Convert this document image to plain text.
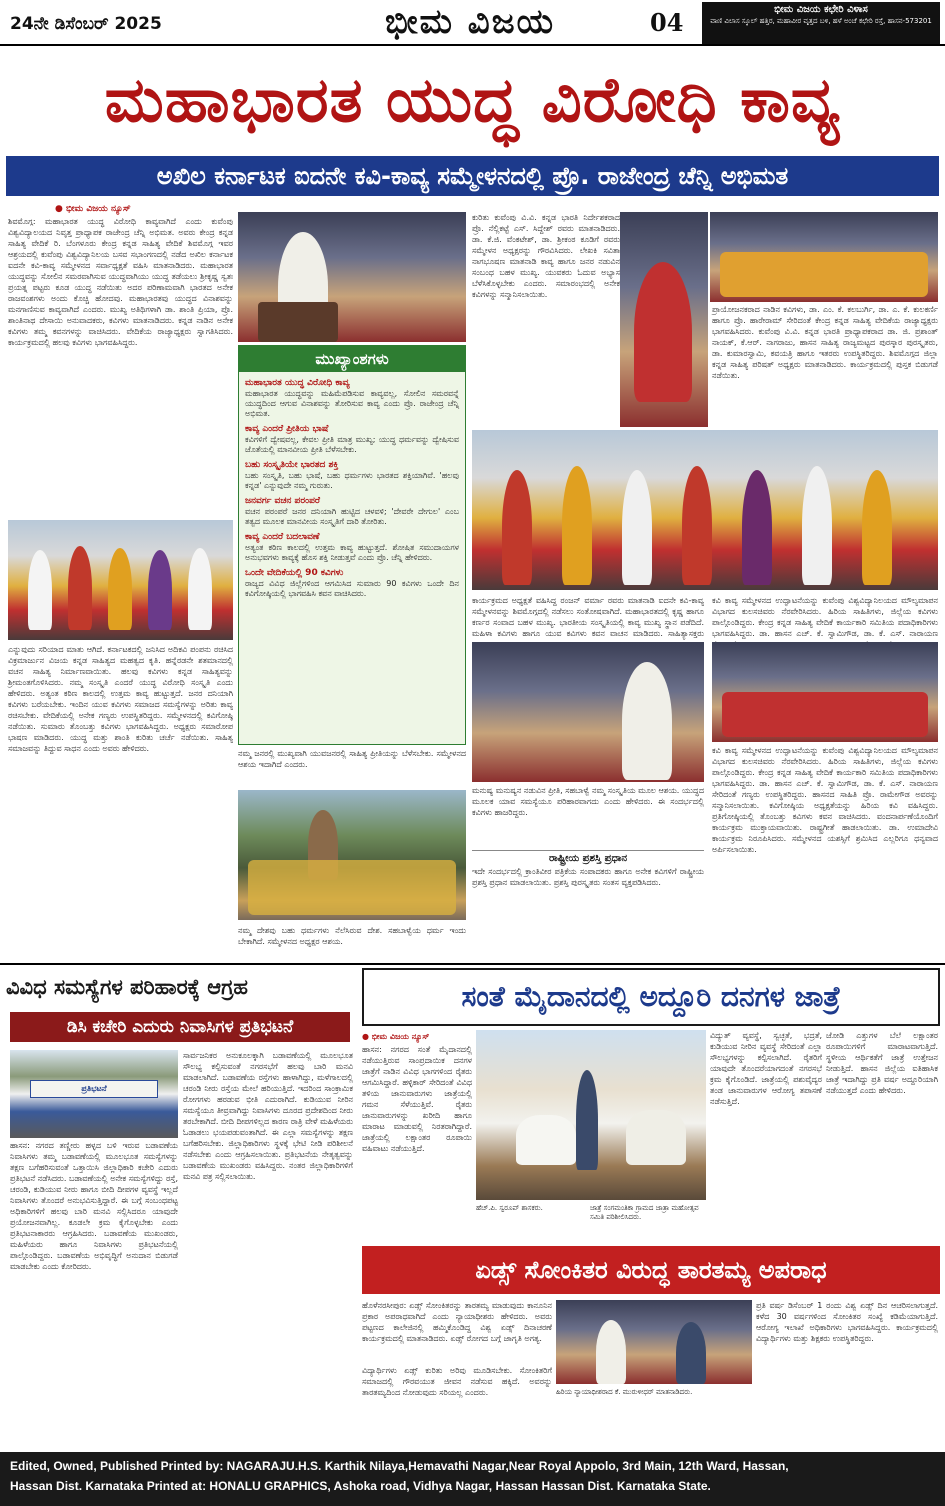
24ನೇ ಡಿಸೆಂಬರ್ 2025	ಭೀಮ ವಿಜಯ	04	ಭೀಮ ವಿಜಯ ಕಛೇರಿ ವಿಳಾಸ
ವಾಣಿ ವಿಲಾಸ ಸ್ಕೂಲ್ ಹತ್ತಿರ, ಮಹಾವೀರ ವೃತ್ತದ ಬಳಿ, ಹಳೆ ಅಂಚೆ ಕಛೇರಿ ರಸ್ತೆ, ಹಾಸನ-573201
ಮಹಾಭಾರತ ಯುದ್ಧ ವಿರೋಧಿ ಕಾವ್ಯ
ಅಖಿಲ ಕರ್ನಾಟಕ ಐದನೇ ಕವಿ-ಕಾವ್ಯ ಸಮ್ಮೇಳನದಲ್ಲಿ ಪ್ರೊ. ರಾಜೇಂದ್ರ ಚೆನ್ನಿ ಅಭಿಮತ
● ಭೀಮ ವಿಜಯ ನ್ಯೂಸ್
ಶಿವಮೊಗ್ಗ: ಮಹಾಭಾರತ ಯುದ್ಧ ವಿರೋಧಿ ಕಾವ್ಯವಾಗಿದೆ ಎಂದು ಕುವೆಂಪು ವಿಶ್ವವಿದ್ಯಾಲಯದ ನಿವೃತ್ತ ಪ್ರಾಧ್ಯಾಪಕ ರಾಜೇಂದ್ರ ಚೆನ್ನಿ ಅಭಿಮತ. ಅವರು ಕೇಂದ್ರ ಕನ್ನಡ ಸಾಹಿತ್ಯ ವೇದಿಕೆ ರಿ. ಬೆಂಗಳೂರು ಕೇಂದ್ರ ಕನ್ನಡ ಸಾಹಿತ್ಯ ವೇದಿಕೆ ಶಿವಮೊಗ್ಗ ಇವರ ಆಶ್ರಯದಲ್ಲಿ ಕುವೆಂಪು ವಿಶ್ವವಿದ್ಯಾನಿಲಯ ಬಸವ ಸಭಾಂಗಣದಲ್ಲಿ ನಡೆದ ಅಖಿಲ ಕರ್ನಾಟಕ ಐದನೇ ಕವಿ-ಕಾವ್ಯ ಸಮ್ಮೇಳನದ ಸರ್ವಾಧ್ಯಕ್ಷತೆ ವಹಿಸಿ ಮಾತನಾಡಿದರು. ಮಹಾಭಾರತ ಯುದ್ಧವನ್ನು ಸೋಲಿನ ಸಮರವಾಗಿಸುವ ಯುದ್ಧವಾಗಿಯು ಯುದ್ಧ ತಡೆಯಲು ಶ್ರೀಕೃಷ್ಣ ಸ್ವತಃ ಪ್ರಯತ್ನ ಪಟ್ಟರು ಕೂಡ ಯುದ್ಧ ನಡೆಯಿತು ಅದರ ಪರಿಣಾಮವಾಗಿ ಭಾರತದ ಅನೇಕ ರಾಜವಂಶಗಳು ಅಂದು ಕೊಚ್ಚಿ ಹೋದವು. ಮಹಾಭಾರತವು ಯುದ್ಧದ ವಿನಾಶವನ್ನು ಮನಗಾಣಿಸುವ ಕಾವ್ಯವಾಗಿದೆ ಎಂದರು. ಮುಖ್ಯ ಅತಿಥಿಗಳಾಗಿ ಡಾ. ಶಾಂತಿ ಪ್ರಿಯಾ, ಪ್ರೊ. ಶಾಂತಿನಾಥ ದೇಸಾಯಿ ಅನುವಾದಕರು, ಕವಿಗಳು ಮಾತನಾಡಿದರು. ಕನ್ನಡ ನಾಡಿನ ಅನೇಕ ಕವಿಗಳು ತಮ್ಮ ಕವನಗಳನ್ನು ವಾಚಿಸಿದರು. ವೇದಿಕೆಯ ರಾಜ್ಯಾಧ್ಯಕ್ಷರು ಸ್ವಾಗತಿಸಿದರು. ಕಾರ್ಯಕ್ರಮದಲ್ಲಿ ಹಲವು ಕವಿಗಳು ಭಾಗವಹಿಸಿದ್ದರು.
ಎನ್ನುವುದು ಸರಿಯಾದ ಮಾತು ಆಗಿದೆ. ಕರ್ನಾಟಕದಲ್ಲಿ ಜನಿಸಿದ ಅದಿಕವಿ ಪಂಪನು ರಚಿಸಿದ ವಿಕ್ರಮಾರ್ಜುನ ವಿಜಯ ಕನ್ನಡ ಸಾಹಿತ್ಯದ ಮಹತ್ವದ ಕೃತಿ. ಹನ್ನೆರಡನೇ ಶತಮಾನದಲ್ಲಿ ವಚನ ಸಾಹಿತ್ಯ ನಿರ್ಮಾಣವಾಯಿತು. ಹಲವು ಕವಿಗಳು ಕನ್ನಡ ಸಾಹಿತ್ಯವನ್ನು ಶ್ರೀಮಂತಗೊಳಿಸಿದರು. ನಮ್ಮ ಸಂಸ್ಕೃತಿ ಎಂದರೆ ಯುದ್ಧ ವಿರೋಧಿ ಸಂಸ್ಕೃತಿ ಎಂದು ಹೇಳಿದರು. ಅತ್ಯಂತ ಕಠಿಣ ಕಾಲದಲ್ಲಿ ಉತ್ತಮ ಕಾವ್ಯ ಹುಟ್ಟುತ್ತದೆ. ಜನರ ದನಿಯಾಗಿ ಕವಿಗಳು ಬರೆಯಬೇಕು. ಇಂದಿನ ಯುವ ಕವಿಗಳು ಸಮಾಜದ ಸಮಸ್ಯೆಗಳನ್ನು ಅರಿತು ಕಾವ್ಯ ರಚಿಸಬೇಕು. ವೇದಿಕೆಯಲ್ಲಿ ಅನೇಕ ಗಣ್ಯರು ಉಪಸ್ಥಿತರಿದ್ದರು. ಸಮ್ಮೇಳನದಲ್ಲಿ ಕವಿಗೋಷ್ಠಿ ನಡೆಯಿತು. ಸುಮಾರು ತೊಂಬತ್ತು ಕವಿಗಳು ಭಾಗವಹಿಸಿದ್ದರು. ಅಧ್ಯಕ್ಷರು ಸಮಾರೋಪ ಭಾಷಣ ಮಾಡಿದರು. ಯುದ್ಧ ಮತ್ತು ಶಾಂತಿ ಕುರಿತು ಚರ್ಚೆ ನಡೆಯಿತು. ಸಾಹಿತ್ಯ ಸಮಾಜವನ್ನು ತಿದ್ದುವ ಸಾಧನ ಎಂದು ಅವರು ಹೇಳಿದರು.
ಮುಖ್ಯಾಂಶಗಳು
ಮಹಾಭಾರತ ಯುದ್ಧ ವಿರೋಧಿ ಕಾವ್ಯ
ಮಹಾಭಾರತ ಯುದ್ಧವನ್ನು ಮಹಿಮೆಪಡಿಸುವ ಕಾವ್ಯವಲ್ಲ, ಸೋಲಿನ ಸಮರವನ್ನೆ ಯುದ್ಧದಿಂದ ಆಗುವ ವಿನಾಶವನ್ನು ತೋರಿಸುವ ಕಾವ್ಯ ಎಂದು ಪ್ರೊ. ರಾಜೇಂದ್ರ ಚೆನ್ನಿ ಅಭಿಮತ.
ಕಾವ್ಯ ಎಂದರೆ ಪ್ರೀತಿಯ ಭಾಷೆ
ಕವಿಗಳಿಗೆ ದ್ವೇಷವಲ್ಲ, ಕೇವಲ ಪ್ರೀತಿ ಮಾತ್ರ ಮುಖ್ಯ; ಯುದ್ಧ ಧರ್ಮವನ್ನು ದ್ವೇಷಿಸುವ ಜೊತೆಯಲ್ಲಿ ಮಾನವೀಯ ಪ್ರೀತಿ ಬೆಳೆಸಬೇಕು.
ಬಹು ಸಂಸ್ಕೃತಿಯೇ ಭಾರತದ ಶಕ್ತಿ
ಬಹು ಸಂಸ್ಕೃತಿ, ಬಹು ಭಾಷೆ, ಬಹು ಧರ್ಮಗಳು ಭಾರತದ ಶಕ್ತಿಯಾಗಿವೆ. 'ಹಲವು ಕನ್ನಡ' ಎನ್ನುವುದೇ ನಮ್ಮ ಗುರುತು.
ಜನವರ್ಗ ವಚನ ಪರಂಪರೆ
ವಚನ ಪರಂಪರೆ ಜನರ ದನಿಯಾಗಿ ಹುಟ್ಟಿದ ಚಳವಳಿ; 'ದೇವರೇ ದೇಗುಲ' ಎಂಬ ತತ್ವದ ಮೂಲಕ ಮಾನವೀಯ ಸಂಸ್ಕೃತಿಗೆ ದಾರಿ ತೋರಿತು.
ಕಾವ್ಯ ಎಂದರೆ ಬದಲಾವಣೆ
ಅತ್ಯಂತ ಕಠಿಣ ಕಾಲದಲ್ಲಿ ಉತ್ತಮ ಕಾವ್ಯ ಹುಟ್ಟುತ್ತದೆ. ಶೋಷಿತ ಸಮುದಾಯಗಳ ಅನುಭವಗಳು ಕಾವ್ಯಕ್ಕೆ ಹೊಸ ಶಕ್ತಿ ನೀಡುತ್ತವೆ ಎಂದು ಪ್ರೊ. ಚೆನ್ನಿ ಹೇಳಿದರು.
ಒಂದೇ ವೇದಿಕೆಯಲ್ಲಿ 90 ಕವಿಗಳು
ರಾಜ್ಯದ ವಿವಿಧ ಜಿಲ್ಲೆಗಳಿಂದ ಆಗಮಿಸಿದ ಸುಮಾರು 90 ಕವಿಗಳು ಒಂದೇ ದಿನ ಕವಿಗೋಷ್ಠಿಯಲ್ಲಿ ಭಾಗವಹಿಸಿ ಕವನ ವಾಚಿಸಿದರು.
ನಮ್ಮ ಜನರಲ್ಲಿ ಮುಖ್ಯವಾಗಿ ಯುವಜನರಲ್ಲಿ ಸಾಹಿತ್ಯ ಪ್ರೀತಿಯನ್ನು ಬೆಳೆಸಬೇಕು. ಸಮ್ಮೇಳನದ ಆಶಯ ಇದಾಗಿದೆ ಎಂದರು.
ನಮ್ಮ ದೇಶವು ಬಹು ಧರ್ಮಗಳು ನೆಲೆಸಿರುವ ದೇಶ. ಸಹಬಾಳ್ವೆಯ ಧರ್ಮ ಇಂದು ಬೇಕಾಗಿದೆ. ಸಮ್ಮೇಳನದ ಅಧ್ಯಕ್ಷರ ಆಶಯ.
ಕುರಿತು ಕುವೆಂಪು ವಿ.ವಿ. ಕನ್ನಡ ಭಾರತಿ ನಿರ್ದೇಶಕರಾದ ಪ್ರೊ. ನೆಲ್ಲಿಕಟ್ಟೆ ಎಸ್. ಸಿದ್ದೇಶ್ ರವರು ಮಾತನಾಡಿದರು. ಡಾ. ಕೆ.ಜಿ. ವೆಂಕಟೇಶ್, ಡಾ. ಶ್ರೀಕಂಠ ಕೂಡಿಗೆ ರವರು ಸಮ್ಮೇಳನ ಅಧ್ಯಕ್ಷರನ್ನು ಗೌರವಿಸಿದರು. ಲೇಖಕಿ ಸವಿತಾ ನಾಗಭೂಷಣ ಮಾತನಾಡಿ ಕಾವ್ಯ ಹಾಗೂ ಜನರ ನಡುವಿನ ಸಂಬಂಧ ಬಹಳ ಮುಖ್ಯ. ಯುವಕರು ಓದುವ ಅಭ್ಯಾಸ ಬೆಳೆಸಿಕೊಳ್ಳಬೇಕು ಎಂದರು. ಸಮಾರಂಭದಲ್ಲಿ ಅನೇಕ ಕವಿಗಳನ್ನು ಸನ್ಮಾನಿಸಲಾಯಿತು.
ಪ್ರಾಯೋಜನಕರಾದ ನಾಡಿನ ಕವಿಗಳು, ಡಾ. ಎಂ. ಕೆ. ಕಲಬುರ್ಗಿ, ಡಾ. ಎ. ಕೆ. ಕುಲಕರ್ಣಿ ಹಾಗೂ ಪ್ರೊ. ಹಾರೇರಾಮ್ ಸೇರಿದಂತೆ ಕೇಂದ್ರ ಕನ್ನಡ ಸಾಹಿತ್ಯ ವೇದಿಕೆಯ ರಾಜ್ಯಾಧ್ಯಕ್ಷರು ಭಾಗವಹಿಸಿದರು. ಕುವೆಂಪು ವಿ.ವಿ. ಕನ್ನಡ ಭಾರತಿ ಪ್ರಾಧ್ಯಾಪಕರಾದ ಡಾ. ಜಿ. ಪ್ರಶಾಂತ್ ನಾಯಕ್, ಕೆ.ಆರ್. ನಾಗರಾಜು, ಹಾಸನ ಸಾಹಿತ್ಯ ರಾಜ್ಯಮಟ್ಟದ ಪುರಸ್ಕಾರ ಪುರಸ್ಕೃತರು, ಡಾ. ಕುಮಾರಸ್ವಾಮಿ, ಕವಯತ್ರಿ ಹಾಗೂ ಇತರರು ಉಪಸ್ಥಿತರಿದ್ದರು. ಶಿವಮೊಗ್ಗದ ಜಿಲ್ಲಾ ಕನ್ನಡ ಸಾಹಿತ್ಯ ಪರಿಷತ್ ಅಧ್ಯಕ್ಷರು ಮಾತನಾಡಿದರು. ಕಾರ್ಯಕ್ರಮದಲ್ಲಿ ಪುಸ್ತಕ ಬಿಡುಗಡೆ ನಡೆಯಿತು.
ಕಾರ್ಯಕ್ರಮದ ಅಧ್ಯಕ್ಷತೆ ವಹಿಸಿದ್ದ ರಂಜನ್ ವರ್ಮಾ ರವರು ಮಾತನಾಡಿ ಐದನೇ ಕವಿ-ಕಾವ್ಯ ಸಮ್ಮೇಳನವನ್ನು ಶಿವಮೊಗ್ಗದಲ್ಲಿ ನಡೆಸಲು ಸಂತೋಷವಾಗಿದೆ. ಮಹಾಭಾರತದಲ್ಲಿ ಕೃಷ್ಣ ಹಾಗೂ ಕರ್ಣರ ಸಂವಾದ ಬಹಳ ಮುಖ್ಯ. ಭಾರತೀಯ ಸಂಸ್ಕೃತಿಯಲ್ಲಿ ಕಾವ್ಯ ಮುಖ್ಯ ಸ್ಥಾನ ಪಡೆದಿದೆ. ಮಹಿಳಾ ಕವಿಗಳು ಹಾಗೂ ಯುವ ಕವಿಗಳು ಕವನ ವಾಚನ ಮಾಡಿದರು. ಸಾಹಿತ್ಯಾಸಕ್ತರು
ಮನುಷ್ಯ ಮನುಷ್ಯನ ನಡುವಿನ ಪ್ರೀತಿ, ಸಹಬಾಳ್ವೆ ನಮ್ಮ ಸಂಸ್ಕೃತಿಯ ಮೂಲ ಆಶಯ. ಯುದ್ಧದ ಮೂಲಕ ಯಾವ ಸಮಸ್ಯೆಯೂ ಪರಿಹಾರವಾಗದು ಎಂದು ಹೇಳಿದರು. ಈ ಸಂದರ್ಭದಲ್ಲಿ ಕವಿಗಳು ಹಾಜರಿದ್ದರು.
ರಾಷ್ಟ್ರೀಯ ಪ್ರಶಸ್ತಿ ಪ್ರಧಾನ
ಇದೇ ಸಂದರ್ಭದಲ್ಲಿ ಕ್ರಾಂತಿವೀರ ಪತ್ರಿಕೆಯ ಸಂಪಾದಕರು ಹಾಗೂ ಅನೇಕ ಕವಿಗಳಿಗೆ ರಾಷ್ಟ್ರೀಯ ಪ್ರಶಸ್ತಿ ಪ್ರಧಾನ ಮಾಡಲಾಯಿತು. ಪ್ರಶಸ್ತಿ ಪುರಸ್ಕೃತರು ಸಂತಸ ವ್ಯಕ್ತಪಡಿಸಿದರು.
ಕವಿ ಕಾವ್ಯ ಸಮ್ಮೇಳನದ ಉದ್ಘಾಟನೆಯನ್ನು ಕುವೆಂಪು ವಿಶ್ವವಿದ್ಯಾನಿಲಯದ ಮೌಲ್ಯಮಾಪನ ವಿಭಾಗದ ಕುಲಸಚಿವರು ನೆರವೇರಿಸಿದರು. ಹಿರಿಯ ಸಾಹಿತಿಗಳು, ಜಿಲ್ಲೆಯ ಕವಿಗಳು ಪಾಲ್ಗೊಂಡಿದ್ದರು. ಕೇಂದ್ರ ಕನ್ನಡ ಸಾಹಿತ್ಯ ವೇದಿಕೆ ಕಾರ್ಯಕಾರಿ ಸಮಿತಿಯ ಪದಾಧಿಕಾರಿಗಳು ಭಾಗವಹಿಸಿದ್ದರು. ಡಾ. ಹಾಸನ ಎಚ್. ಕೆ. ಸ್ವಾಮಿಗೌಡ, ಡಾ. ಕೆ. ಎಸ್. ನಾರಾಯಣ
ಕವಿ ಕಾವ್ಯ ಸಮ್ಮೇಳನದ ಉದ್ಘಾಟನೆಯನ್ನು ಕುವೆಂಪು ವಿಶ್ವವಿದ್ಯಾನಿಲಯದ ಮೌಲ್ಯಮಾಪನ ವಿಭಾಗದ ಕುಲಸಚಿವರು ನೆರವೇರಿಸಿದರು. ಹಿರಿಯ ಸಾಹಿತಿಗಳು, ಜಿಲ್ಲೆಯ ಕವಿಗಳು ಪಾಲ್ಗೊಂಡಿದ್ದರು. ಕೇಂದ್ರ ಕನ್ನಡ ಸಾಹಿತ್ಯ ವೇದಿಕೆ ಕಾರ್ಯಕಾರಿ ಸಮಿತಿಯ ಪದಾಧಿಕಾರಿಗಳು ಭಾಗವಹಿಸಿದ್ದರು. ಡಾ. ಹಾಸನ ಎಚ್. ಕೆ. ಸ್ವಾಮಿಗೌಡ, ಡಾ. ಕೆ. ಎಸ್. ನಾರಾಯಣ ಸೇರಿದಂತೆ ಗಣ್ಯರು ಉಪಸ್ಥಿತರಿದ್ದರು. ಹಾಸನದ ಸಾಹಿತಿ ಪ್ರೊ. ರಾಮೇಗೌಡ ಅವರನ್ನು ಸನ್ಮಾನಿಸಲಾಯಿತು. ಕವಿಗೋಷ್ಠಿಯ ಅಧ್ಯಕ್ಷತೆಯನ್ನು ಹಿರಿಯ ಕವಿ ವಹಿಸಿದ್ದರು. ಪ್ರತಿಗೋಷ್ಠಿಯಲ್ಲಿ ತೊಂಬತ್ತು ಕವಿಗಳು ಕವನ ವಾಚಿಸಿದರು. ವಂದನಾರ್ಪಣೆಯೊಂದಿಗೆ ಕಾರ್ಯಕ್ರಮ ಮುಕ್ತಾಯವಾಯಿತು. ರಾಷ್ಟ್ರಗೀತೆ ಹಾಡಲಾಯಿತು. ಡಾ. ಉಮಾದೇವಿ ಕಾರ್ಯಕ್ರಮ ನಿರೂಪಿಸಿದರು. ಸಮ್ಮೇಳನದ ಯಶಸ್ಸಿಗೆ ಶ್ರಮಿಸಿದ ಎಲ್ಲರಿಗೂ ಧನ್ಯವಾದ ಅರ್ಪಿಸಲಾಯಿತು.
ವಿವಿಧ ಸಮಸ್ಯೆಗಳ ಪರಿಹಾರಕ್ಕೆ ಆಗ್ರಹ
ಡಿಸಿ ಕಚೇರಿ ಎದುರು ನಿವಾಸಿಗಳ ಪ್ರತಿಭಟನೆ
ಪ್ರತಿಭಟನೆ
ಹಾಸನ: ನಗರದ ತಣ್ಣೀರು ಹಳ್ಳದ ಬಳಿ ಇರುವ ಬಡಾವಣೆಯ ನಿವಾಸಿಗಳು ತಮ್ಮ ಬಡಾವಣೆಯಲ್ಲಿ ಮೂಲಭೂತ ಸಮಸ್ಯೆಗಳನ್ನು ತಕ್ಷಣ ಬಗೆಹರಿಸುವಂತೆ ಒತ್ತಾಯಿಸಿ ಜಿಲ್ಲಾಧಿಕಾರಿ ಕಚೇರಿ ಎದುರು ಪ್ರತಿಭಟನೆ ನಡೆಸಿದರು. ಬಡಾವಣೆಯಲ್ಲಿ ಅನೇಕ ಸಮಸ್ಯೆಗಳಿದ್ದು ರಸ್ತೆ, ಚರಂಡಿ, ಕುಡಿಯುವ ನೀರು ಹಾಗೂ ಬೀದಿ ದೀಪಗಳ ವ್ಯವಸ್ಥೆ ಇಲ್ಲದೆ ನಿವಾಸಿಗಳು ತೊಂದರೆ ಅನುಭವಿಸುತ್ತಿದ್ದಾರೆ. ಈ ಬಗ್ಗೆ ಸಂಬಂಧಪಟ್ಟ ಅಧಿಕಾರಿಗಳಿಗೆ ಹಲವು ಬಾರಿ ಮನವಿ ಸಲ್ಲಿಸಿದರೂ ಯಾವುದೇ ಪ್ರಯೋಜನವಾಗಿಲ್ಲ. ಕೂಡಲೇ ಕ್ರಮ ಕೈಗೊಳ್ಳಬೇಕು ಎಂದು ಪ್ರತಿಭಟನಾಕಾರರು ಆಗ್ರಹಿಸಿದರು. ಬಡಾವಣೆಯ ಮುಖಂಡರು, ಮಹಿಳೆಯರು ಹಾಗೂ ನಿವಾಸಿಗಳು ಪ್ರತಿಭಟನೆಯಲ್ಲಿ ಪಾಲ್ಗೊಂಡಿದ್ದರು. ಬಡಾವಣೆಯ ಅಭಿವೃದ್ಧಿಗೆ ಅನುದಾನ ಬಿಡುಗಡೆ ಮಾಡಬೇಕು ಎಂದು ಕೋರಿದರು.
ಸಾರ್ವಜನಿಕರ ಅನುಕೂಲಕ್ಕಾಗಿ ಬಡಾವಣೆಯಲ್ಲಿ ಮೂಲಭೂತ ಸೌಲಭ್ಯ ಕಲ್ಪಿಸುವಂತೆ ನಗರಸಭೆಗೆ ಹಲವು ಬಾರಿ ಮನವಿ ಮಾಡಲಾಗಿದೆ. ಬಡಾವಣೆಯ ರಸ್ತೆಗಳು ಹಾಳಾಗಿದ್ದು, ಮಳೆಗಾಲದಲ್ಲಿ ಚರಂಡಿ ನೀರು ರಸ್ತೆಯ ಮೇಲೆ ಹರಿಯುತ್ತಿದೆ. ಇದರಿಂದ ಸಾಂಕ್ರಾಮಿಕ ರೋಗಗಳು ಹರಡುವ ಭೀತಿ ಎದುರಾಗಿದೆ. ಕುಡಿಯುವ ನೀರಿನ ಸಮಸ್ಯೆಯೂ ತೀವ್ರವಾಗಿದ್ದು ನಿವಾಸಿಗಳು ದೂರದ ಪ್ರದೇಶದಿಂದ ನೀರು ತರಬೇಕಾಗಿದೆ. ಬೀದಿ ದೀಪಗಳಿಲ್ಲದ ಕಾರಣ ರಾತ್ರಿ ವೇಳೆ ಮಹಿಳೆಯರು ಓಡಾಡಲು ಭಯಪಡುವಂತಾಗಿದೆ. ಈ ಎಲ್ಲಾ ಸಮಸ್ಯೆಗಳನ್ನು ತಕ್ಷಣ ಬಗೆಹರಿಸಬೇಕು. ಜಿಲ್ಲಾಧಿಕಾರಿಗಳು ಸ್ಥಳಕ್ಕೆ ಭೇಟಿ ನೀಡಿ ಪರಿಶೀಲನೆ ನಡೆಸಬೇಕು ಎಂದು ಆಗ್ರಹಿಸಲಾಯಿತು. ಪ್ರತಿಭಟನೆಯ ನೇತೃತ್ವವನ್ನು ಬಡಾವಣೆಯ ಮುಖಂಡರು ವಹಿಸಿದ್ದರು. ನಂತರ ಜಿಲ್ಲಾಧಿಕಾರಿಗಳಿಗೆ ಮನವಿ ಪತ್ರ ಸಲ್ಲಿಸಲಾಯಿತು.
ಸಂತೆ ಮೈದಾನದಲ್ಲಿ ಅದ್ದೂರಿ ದನಗಳ ಜಾತ್ರೆ
● ಭೀಮ ವಿಜಯ ನ್ಯೂಸ್
ಹಾಸನ: ನಗರದ ಸಂತೆ ಮೈದಾನದಲ್ಲಿ ನಡೆಯುತ್ತಿರುವ ಸಾಂಪ್ರದಾಯಿಕ ದನಗಳ ಜಾತ್ರೆಗೆ ನಾಡಿನ ವಿವಿಧ ಭಾಗಗಳಿಂದ ರೈತರು ಆಗಮಿಸಿದ್ದಾರೆ. ಹಳ್ಳಿಕಾರ್ ಸೇರಿದಂತೆ ವಿವಿಧ ತಳಿಯ ಜಾನುವಾರುಗಳು ಜಾತ್ರೆಯಲ್ಲಿ ಗಮನ ಸೆಳೆಯುತ್ತಿವೆ. ರೈತರು ಜಾನುವಾರುಗಳನ್ನು ಖರೀದಿ ಹಾಗೂ ಮಾರಾಟ ಮಾಡುವಲ್ಲಿ ನಿರತರಾಗಿದ್ದಾರೆ. ಜಾತ್ರೆಯಲ್ಲಿ ಲಕ್ಷಾಂತರ ರೂಪಾಯಿ ವಹಿವಾಟು ನಡೆಯುತ್ತಿದೆ.
ಹೆಚ್.ಪಿ. ಸ್ವರೂಪ್ ಶಾಸಕರು.	ಜಾತ್ರೆ ಸಂಗಮಂತಿಕಾ ಗ್ರಾಮದ ಜಾತ್ರಾ ಮಹೋತ್ಸವ ಸಮಿತಿ ಪರಿಶೀಲಿಸಿದರು.
ವಿದ್ಯುತ್ ವ್ಯವಸ್ಥೆ, ಸ್ವಚ್ಛತೆ, ಭದ್ರತೆ, ಕುಡಿಯುವ ನೀರಿನ ವ್ಯವಸ್ಥೆ ಸೇರಿದಂತೆ ಎಲ್ಲಾ ಸೌಲಭ್ಯಗಳನ್ನು ಕಲ್ಪಿಸಲಾಗಿದೆ. ರೈತರಿಗೆ ಯಾವುದೇ ತೊಂದರೆಯಾಗದಂತೆ ನಗರಸಭೆ ಕ್ರಮ ಕೈಗೊಂಡಿದೆ. ಜಾತ್ರೆಯಲ್ಲಿ ಪಶುವೈದ್ಯರ ತಂಡ ಜಾನುವಾರುಗಳ ಆರೋಗ್ಯ ತಪಾಸಣೆ ನಡೆಸುತ್ತಿದೆ.
ಜೋಡಿ ಎತ್ತುಗಳ ಬೆಲೆ ಲಕ್ಷಾಂತರ ರೂಪಾಯಿಗಳಿಗೆ ಮಾರಾಟವಾಗುತ್ತಿದೆ. ಸ್ಥಳೀಯ ಆರ್ಥಿಕತೆಗೆ ಜಾತ್ರೆ ಉತ್ತೇಜನ ನೀಡುತ್ತಿದೆ. ಹಾಸನ ಜಿಲ್ಲೆಯ ಐತಿಹಾಸಿಕ ಜಾತ್ರೆ ಇದಾಗಿದ್ದು ಪ್ರತಿ ವರ್ಷ ಅದ್ದೂರಿಯಾಗಿ ನಡೆಯುತ್ತದೆ ಎಂದು ಹೇಳಿದರು.
ಏಡ್ಸ್ ಸೋಂಕಿತರ ವಿರುದ್ಧ ತಾರತಮ್ಯ ಅಪರಾಧ
ಹೊಳೆನರಸೀಪುರ: ಏಡ್ಸ್ ಸೋಂಕಿತರನ್ನು ತಾರತಮ್ಯ ಮಾಡುವುದು ಕಾನೂನಿನ ಪ್ರಕಾರ ಅಪರಾಧವಾಗಿದೆ ಎಂದು ನ್ಯಾಯಾಧೀಶರು ಹೇಳಿದರು. ಅವರು ಪಟ್ಟಣದ ಕಾಲೇಜಿನಲ್ಲಿ ಹಮ್ಮಿಕೊಂಡಿದ್ದ ವಿಶ್ವ ಏಡ್ಸ್ ದಿನಾಚರಣೆ ಕಾರ್ಯಕ್ರಮದಲ್ಲಿ ಮಾತನಾಡಿದರು. ಏಡ್ಸ್ ರೋಗದ ಬಗ್ಗೆ ಜಾಗೃತಿ ಅಗತ್ಯ.
ವಿದ್ಯಾರ್ಥಿಗಳು ಏಡ್ಸ್ ಕುರಿತು ಅರಿವು ಮೂಡಿಸಬೇಕು. ಸೋಂಕಿತರಿಗೆ ಸಮಾಜದಲ್ಲಿ ಗೌರವಯುತ ಜೀವನ ನಡೆಸುವ ಹಕ್ಕಿದೆ. ಅವರನ್ನು ತಾರತಮ್ಯದಿಂದ ನೋಡುವುದು ಸರಿಯಲ್ಲ ಎಂದರು.	ಹಿರಿಯ ನ್ಯಾಯಾಧೀಶರಾದ ಕೆ. ಮುರುಳೀಧರ್ ಮಾತನಾಡಿದರು.
ಪ್ರತಿ ವರ್ಷ ಡಿಸೆಂಬರ್ 1 ರಂದು ವಿಶ್ವ ಏಡ್ಸ್ ದಿನ ಆಚರಿಸಲಾಗುತ್ತದೆ. ಕಳೆದ 30 ವರ್ಷಗಳಿಂದ ಸೋಂಕಿತರ ಸಂಖ್ಯೆ ಕಡಿಮೆಯಾಗುತ್ತಿದೆ. ಆರೋಗ್ಯ ಇಲಾಖೆ ಅಧಿಕಾರಿಗಳು ಭಾಗವಹಿಸಿದ್ದರು. ಕಾರ್ಯಕ್ರಮದಲ್ಲಿ ವಿದ್ಯಾರ್ಥಿಗಳು ಮತ್ತು ಶಿಕ್ಷಕರು ಉಪಸ್ಥಿತರಿದ್ದರು.
Edited, Owned, Published Printed by: NAGARAJU.H.S. Karthik Nilaya,Hemavathi Nagar,Near Royal Appolo, 3rd Main, 12th Ward, Hassan,
Hassan Dist. Karnataka Printed at: HONALU GRAPHICS, Ashoka road, Vidhya Nagar, Hassan Hassan Dist. Karnataka State.
